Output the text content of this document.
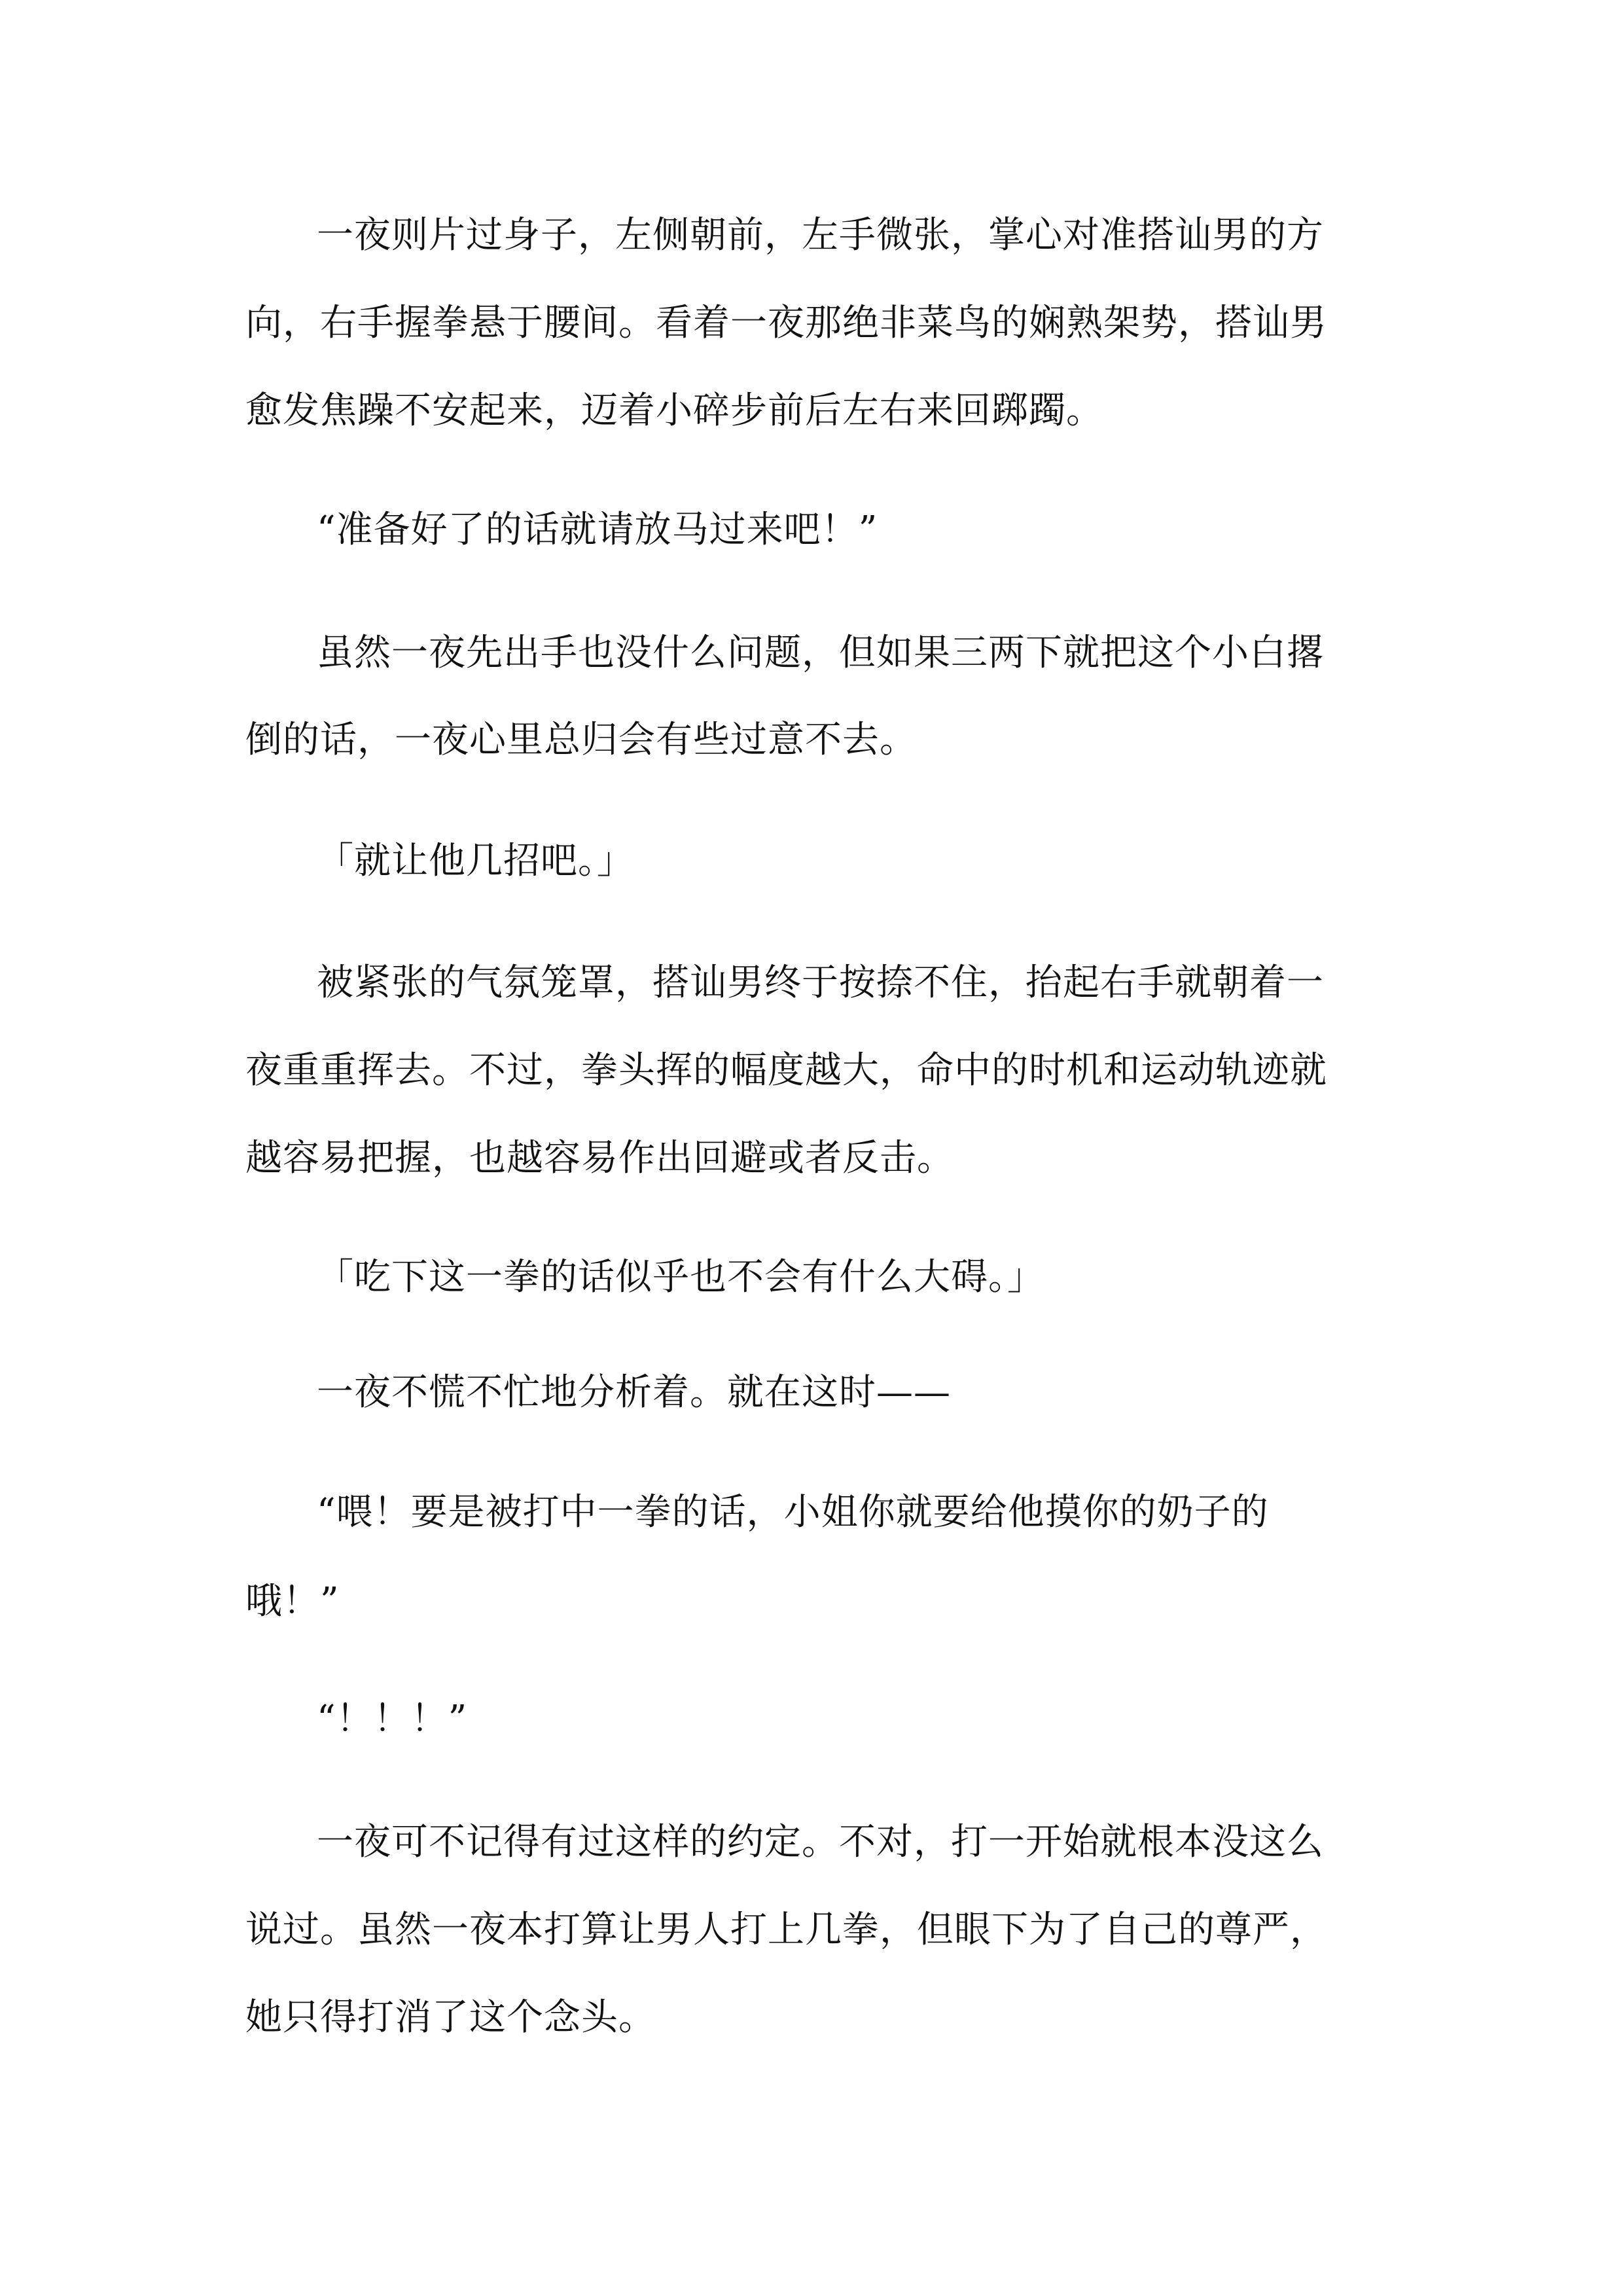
一夜则片过身子，左侧朝前，左手微张，掌心对准搭讪男的方

向，右手握拳悬于腰间。看着一夜那绝非菜鸟的娴熟架势，搭讪男

愈发焦躁不安起来，迈着小碎步前后左右来回踯躅。

“准备好了的话就请放马过来吧！”

虽然一夜先出手也没什么问题，但如果三两下就把这个小白撂

倒的话，一夜心里总归会有些过意不去。

「就让他几招吧。」

被紧张的气氛笼罩，搭讪男终于按捺不住，抬起右手就朝着一

夜重重挥去。不过，拳头挥的幅度越大，命中的时机和运动轨迹就

越容易把握，也越容易作出回避或者反击。

「吃下这一拳的话似乎也不会有什么大碍。」

一夜不慌不忙地分析着。就在这时——

“喂！要是被打中一拳的话，小姐你就要给他摸你的奶子的

哦！”

“！！！”

一夜可不记得有过这样的约定。不对，打一开始就根本没这么

说过。虽然一夜本打算让男人打上几拳，但眼下为了自己的尊严，

她只得打消了这个念头。
